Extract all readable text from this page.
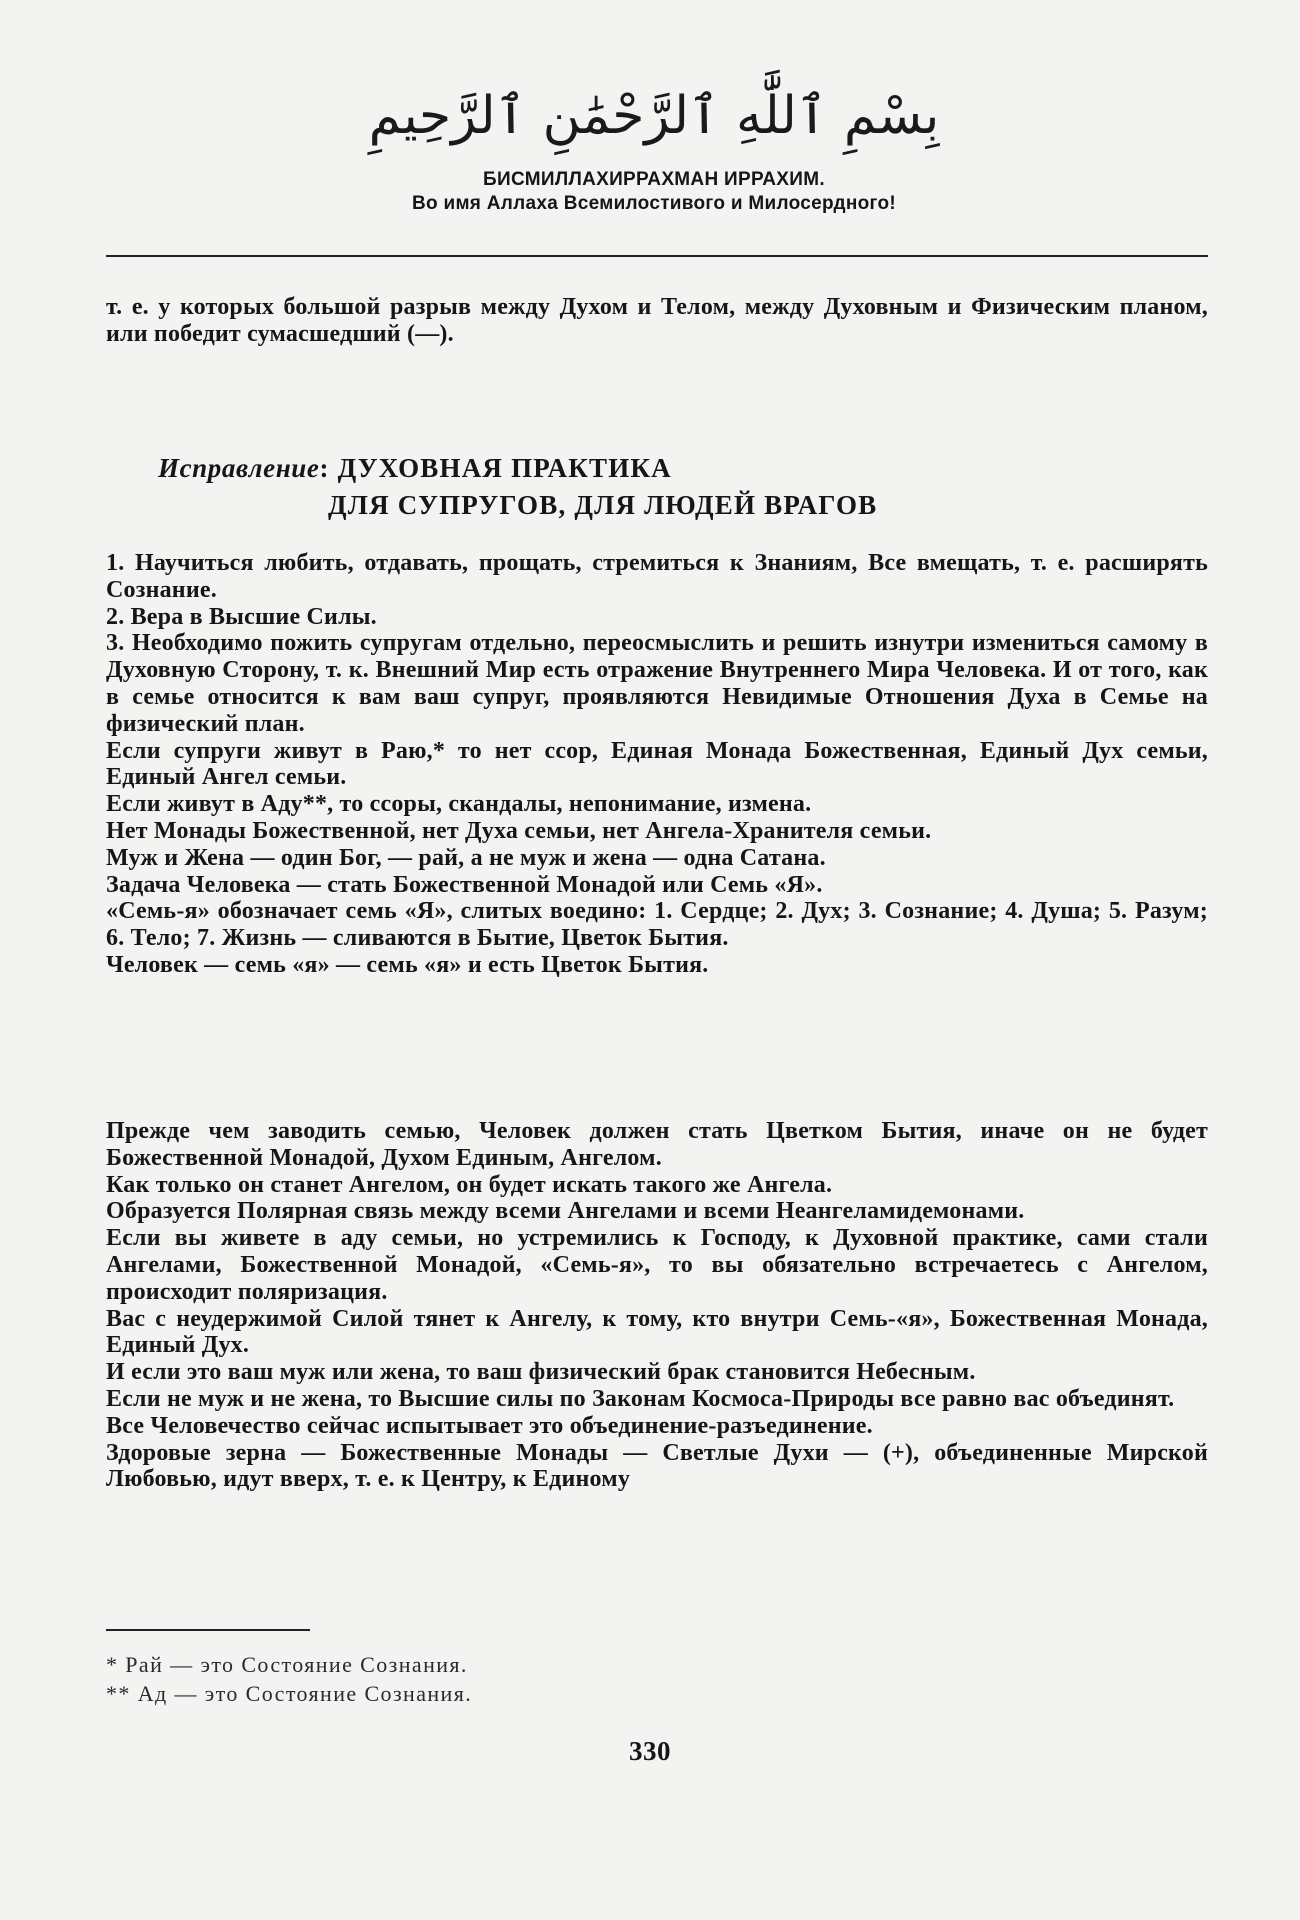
بِسْمِ ٱللَّٰهِ ٱلرَّحْمَٰنِ ٱلرَّحِيمِ
БИСМИЛЛАХИРРАХМАН ИРРАХИМ.
Во имя Аллаха Всемилостивого и Милосердного!

т. е. у которых большой разрыв между Духом и Телом, между Духовным и Физическим планом, или победит сумасшедший (—).

Исправление: ДУХОВНАЯ ПРАКТИКА
ДЛЯ СУПРУГОВ, ДЛЯ ЛЮДЕЙ ВРАГОВ

1. Научиться любить, отдавать, прощать, стремиться к Знаниям, Все вмещать, т. е. расширять Сознание.

2. Вера в Высшие Силы.

3. Необходимо пожить супругам отдельно, переосмыслить и решить изнутри измениться самому в Духовную Сторону, т. к. Внешний Мир есть отражение Внутреннего Мира Человека. И от того, как в семье относится к вам ваш супруг, проявляются Невидимые Отношения Духа в Семье на физический план.

Если супруги живут в Раю,* то нет ссор, Единая Монада Божественная, Единый Дух семьи, Единый Ангел семьи.

Если живут в Аду**, то ссоры, скандалы, непонимание, измена.

Нет Монады Божественной, нет Духа семьи, нет Ангела-Хранителя семьи.

Муж и Жена — один Бог, — рай, а не муж и жена — одна Сатана.

Задача Человека — стать Божественной Монадой или Семь «Я».

«Семь-я» обозначает семь «Я», слитых воедино: 1. Сердце; 2. Дух; 3. Сознание; 4. Душа; 5. Разум; 6. Тело; 7. Жизнь — сливаются в Бытие, Цветок Бытия.

Человек — семь «я» — семь «я» и есть Цветок Бытия.

Прежде чем заводить семью, Человек должен стать Цветком Бытия, иначе он не будет Божественной Монадой, Духом Единым, Ангелом.

Как только он станет Ангелом, он будет искать такого же Ангела.

Образуется Полярная связь между всеми Ангелами и всеми Неангеламидемонами.

Если вы живете в аду семьи, но устремились к Господу, к Духовной практике, сами стали Ангелами, Божественной Монадой, «Семь-я», то вы обязательно встречаетесь с Ангелом, происходит поляризация.

Вас с неудержимой Силой тянет к Ангелу, к тому, кто внутри Семь-«я», Божественная Монада, Единый Дух.

И если это ваш муж или жена, то ваш физический брак становится Небесным.

Если не муж и не жена, то Высшие силы по Законам Космоса-Природы все равно вас объединят.

Все Человечество сейчас испытывает это объединение-разъединение.

Здоровые зерна — Божественные Монады — Светлые Духи — (+), объединенные Мирской Любовью, идут вверх, т. е. к Центру, к Единому

* Рай — это Состояние Сознания.

** Ад — это Состояние Сознания.

330
